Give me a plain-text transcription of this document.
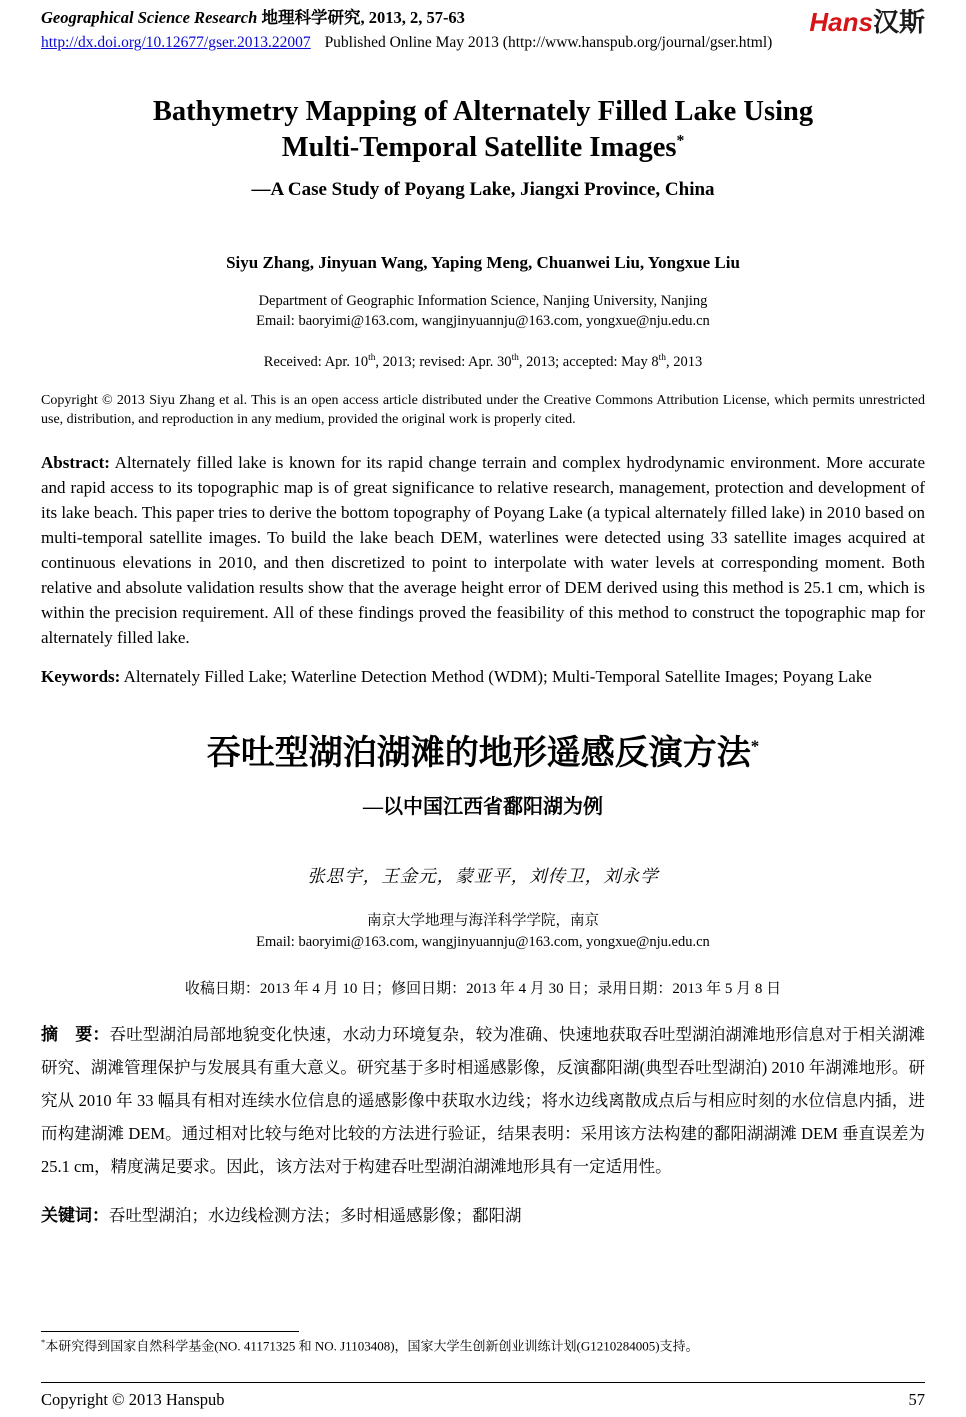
Geographical Science Research 地理科学研究, 2013, 2, 57-63
http://dx.doi.org/10.12677/gser.2013.22007 Published Online May 2013 (http://www.hanspub.org/journal/gser.html)
Hans汉斯
Bathymetry Mapping of Alternately Filled Lake Using
Multi-Temporal Satellite Images*
—A Case Study of Poyang Lake, Jiangxi Province, China
Siyu Zhang, Jinyuan Wang, Yaping Meng, Chuanwei Liu, Yongxue Liu
Department of Geographic Information Science, Nanjing University, Nanjing
Email: baoryimi@163.com, wangjinyuannju@163.com, yongxue@nju.edu.cn
Received: Apr. 10th, 2013; revised: Apr. 30th, 2013; accepted: May 8th, 2013

Copyright © 2013 Siyu Zhang et al. This is an open access article distributed under the Creative Commons Attribution License, which permits unrestricted use, distribution, and reproduction in any medium, provided the original work is properly cited.

Abstract: Alternately filled lake is known for its rapid change terrain and complex hydrodynamic environment. More accurate and rapid access to its topographic map is of great significance to relative research, management, protection and development of its lake beach. This paper tries to derive the bottom topography of Poyang Lake (a typical alternately filled lake) in 2010 based on multi-temporal satellite images. To build the lake beach DEM, waterlines were detected using 33 satellite images acquired at continuous elevations in 2010, and then discretized to point to interpolate with water levels at corresponding moment. Both relative and absolute validation results show that the average height error of DEM derived using this method is 25.1 cm, which is within the precision requirement. All of these findings proved the feasibility of this method to construct the topographic map for alternately filled lake.

Keywords: Alternately Filled Lake; Waterline Detection Method (WDM); Multi-Temporal Satellite Images; Poyang Lake

吞吐型湖泊湖滩的地形遥感反演方法*
—以中国江西省鄱阳湖为例
张思宇，王金元，蒙亚平，刘传卫，刘永学
南京大学地理与海洋科学学院，南京
Email: baoryimi@163.com, wangjinyuannju@163.com, yongxue@nju.edu.cn
收稿日期：2013 年 4 月 10 日；修回日期：2013 年 4 月 30 日；录用日期：2013 年 5 月 8 日

摘　要：吞吐型湖泊局部地貌变化快速，水动力环境复杂，较为准确、快速地获取吞吐型湖泊湖滩地形信息对于相关湖滩研究、湖滩管理保护与发展具有重大意义。研究基于多时相遥感影像，反演鄱阳湖(典型吞吐型湖泊) 2010 年湖滩地形。研究从 2010 年 33 幅具有相对连续水位信息的遥感影像中获取水边线；将水边线离散成点后与相应时刻的水位信息内插，进而构建湖滩 DEM。通过相对比较与绝对比较的方法进行验证，结果表明：采用该方法构建的鄱阳湖湖滩 DEM 垂直误差为 25.1 cm，精度满足要求。因此，该方法对于构建吞吐型湖泊湖滩地形具有一定适用性。

关键词：吞吐型湖泊；水边线检测方法；多时相遥感影像；鄱阳湖

*本研究得到国家自然科学基金(NO. 41171325 和 NO. J1103408)，国家大学生创新创业训练计划(G1210284005)支持。
Copyright © 2013 Hanspub	57
